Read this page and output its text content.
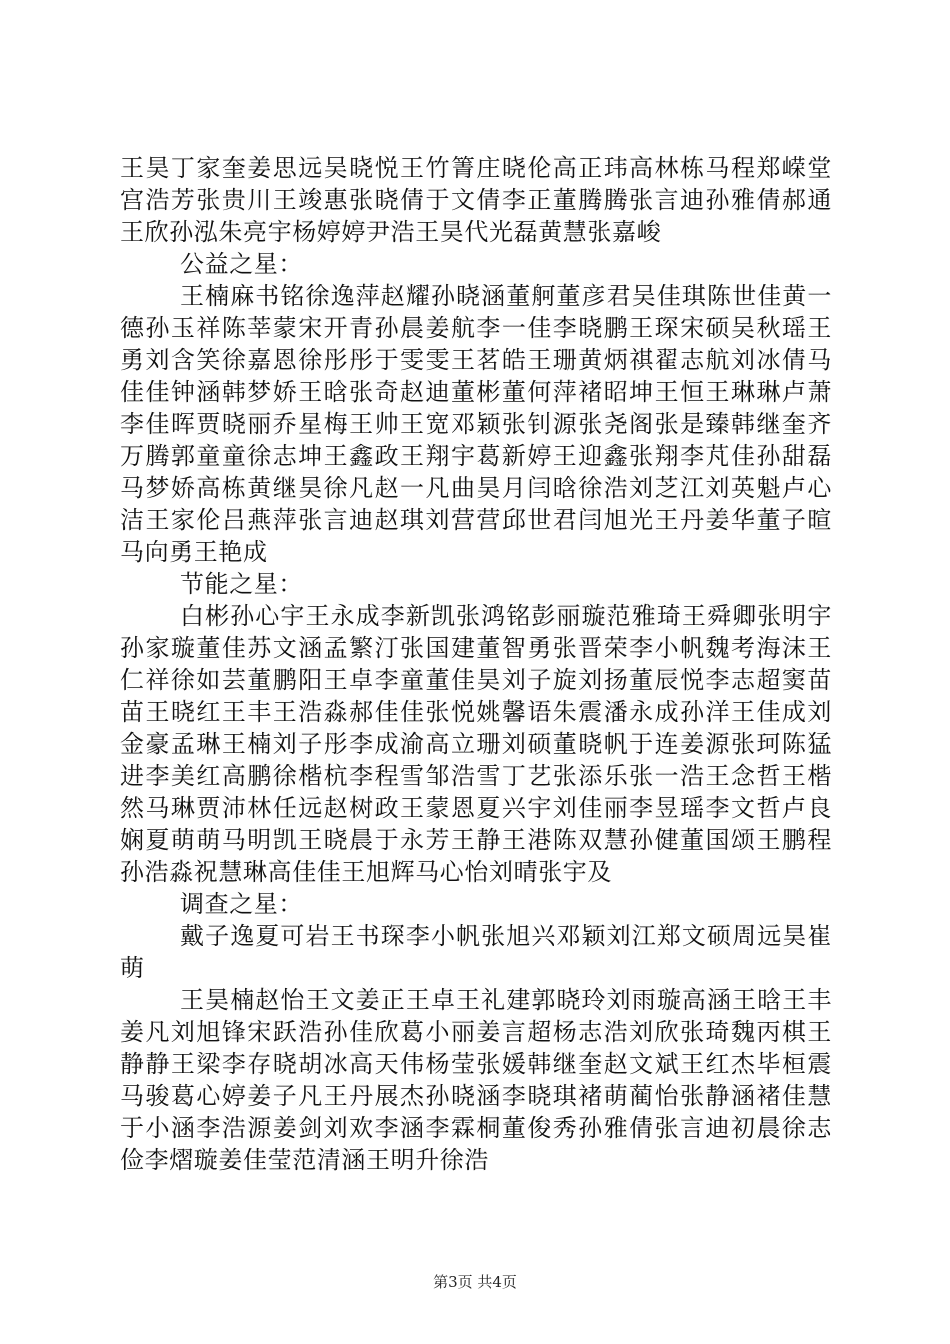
王昊丁家奎姜思远吴晓悦王竹箐庄晓伦高正玮高林栋马程郑嵘堂宫浩芳张贵川王竣惠张晓倩于文倩李正董腾腾张言迪孙雅倩郝通王欣孙泓朱亮宇杨婷婷尹浩王昊代光磊黄慧张嘉峻

公益之星：

王楠麻书铭徐逸萍赵耀孙晓涵董舸董彦君吴佳琪陈世佳黄一德孙玉祥陈莘蒙宋开青孙晨姜航李一佳李晓鹏王琛宋硕吴秋瑶王勇刘含笑徐嘉恩徐彤彤于雯雯王茗皓王珊黄炳祺翟志航刘冰倩马佳佳钟涵韩梦娇王晗张奇赵迪董彬董何萍褚昭坤王恒王琳琳卢萧李佳晖贾晓丽乔星梅王帅王宽邓颖张钊源张尧阁张是臻韩继奎齐万腾郭童童徐志坤王鑫政王翔宇葛新婷王迎鑫张翔李芃佳孙甜磊马梦娇高栋黄继昊徐凡赵一凡曲昊月闫晗徐浩刘芝江刘英魁卢心洁王家伦吕燕萍张言迪赵琪刘营营邱世君闫旭光王丹姜华董子暄马向勇王艳成

节能之星：

白彬孙心宇王永成李新凯张鸿铭彭丽璇范雅琦王舜卿张明宇孙家璇董佳苏文涵孟繁汀张国建董智勇张晋荣李小帆魏考海沫王仁祥徐如芸董鹏阳王卓李童董佳昊刘子旋刘扬董辰悦李志超窦苗苗王晓红王丰王浩淼郝佳佳张悦姚馨语朱震潘永成孙洋王佳成刘金豪孟琳王楠刘子彤李成渝高立珊刘硕董晓帆于连姜源张珂陈猛进李美红高鹏徐楷杭李程雪邹浩雪丁艺张添乐张一浩王念哲王楷然马琳贾沛林任远赵树政王蒙恩夏兴宇刘佳丽李昱瑶李文哲卢良娴夏萌萌马明凯王晓晨于永芳王静王港陈双慧孙健董国颂王鹏程孙浩淼祝慧琳高佳佳王旭辉马心怡刘晴张宇及

调查之星：

戴子逸夏可岩王书琛李小帆张旭兴邓颖刘江郑文硕周远昊崔萌

王昊楠赵怡王文姜正王卓王礼建郭晓玲刘雨璇高涵王晗王丰姜凡刘旭锋宋跃浩孙佳欣葛小丽姜言超杨志浩刘欣张琦魏丙棋王静静王梁李存晓胡冰高天伟杨莹张媛韩继奎赵文斌王红杰毕桓震马骏葛心婷姜子凡王丹展杰孙晓涵李晓琪褚萌蔺怡张静涵褚佳慧于小涵李浩源姜剑刘欢李涵李霖桐董俊秀孙雅倩张言迪初晨徐志俭李熠璇姜佳莹范清涵王明升徐浩

第3页 共4页
